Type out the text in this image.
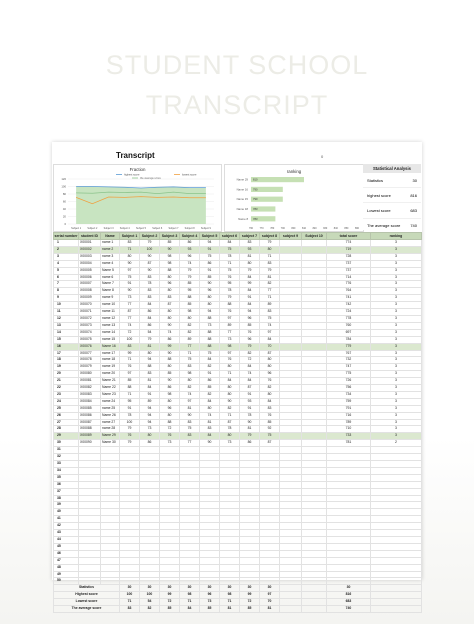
STUDENT SCHOOL
TRANSCRIPT
Transcript	0
Fraction
highest score	lowest score
the average score
120
100
80
60
40
20
0
Subject 1	Subject 2	Subject 3	Subject 4	Subject 5	Subject 6	Subject 7	Subject 8	Subject 9
ranking
Name 29 810
Name 16 790
Name 15 790
Name 18 783
Name 8 783
760	770	780	790	800	810	820	830	840	850	860
Statistical Analysis
Statistics	30
highest score	816
Lowest score	683
The average score 740
serial number	student ID	Name	Subject 1	Subject 2	Subject 3	Subject 4	Subject 5	subject 6	subject 7	subject 8	subject 9	Subject 10	total score	ranking
1	X00001	name 1	83	79	85	86	94	84	83	79			774	3
2	X00002	name 2	71	100	90	93	91	75	93	80			719	3
3	X00003	name 3	80	90	98	96	75	78	81	71			728	3
4	X00004	name 4	90	87	98	74	86	71	80	83			737	3
5	X00005	Name 5	97	90	88	79	91	75	79	79			737	3
6	X00006	name 6	75	83	80	79	85	76	84	81			714	3
7	X00007	Name 7	91	78	96	85	90	95	99	82			776	3
8	X00008	Name 8	90	83	80	95	96	78	84	77			764	3
9	X00009	name 9	73	83	83	88	80	79	91	71			741	3
10	X00070	name 10	77	84	87	85	80	88	84	89			742	3
11	X00071	name 11	87	86	80	98	94	76	94	83			724	3
12	X00072	name 12	77	84	80	80	88	97	96	75			778	3
13	X00073	name 13	74	86	90	82	73	89	85	74			760	3
14	X00074	name 14	72	54	74	82	88	77	76	97			697	3
15	X00075	name 15	100	79	86	89	88	73	96	84			784	3
16	X00076	Name 16	83	81	99	77	88	98	79	70			779	3
17	X00077	name 17	99	80	90	71	75	97	82	87			767	3
18	X00078	name 18	71	94	88	75	84	76	72	80			732	3
19	X00079	name 19	76	88	80	83	82	80	84	80			747	3
20	X00080	name 20	97	83	85	98	91	71	74	96			775	3
21	X00081	Name 21	85	81	90	80	86	84	84	76			726	3
22	X00082	Name 22	88	84	86	82	85	80	87	82			756	3
23	X00083	Name 23	71	91	98	74	82	80	91	80			734	3
24	X00084	name 24	95	89	80	97	84	90	93	84			759	3
25	X00085	name 25	91	94	96	81	80	82	91	83			791	3
26	X00086	Name 26	78	94	80	90	74	71	78	76			716	3
27	X00087	name 27	100	94	88	83	81	87	90	85			789	3
28	X00088	name 28	79	73	72	75	83	78	81	92			710	3
29	X00089	Name 29	76	80	76	83	84	80	79	75			733	3
30	X00090	Name 30	79	86	73	77	90	73	86	87			781	2
31														
32														
33														
34														
35														
36														
37														
38														
39														
40														
41														
42														
43														
44														
45														
46														
47														
48														
49														
50														
Statistics			30	30	30	30	30	30	30	30			30	
Highest score			100	100	99	98	96	98	99	97			816	
Lowest score			71	54	72	71	73	71	72	70			683	
The average score			83	82	85	84	85	81	85	81			740	
